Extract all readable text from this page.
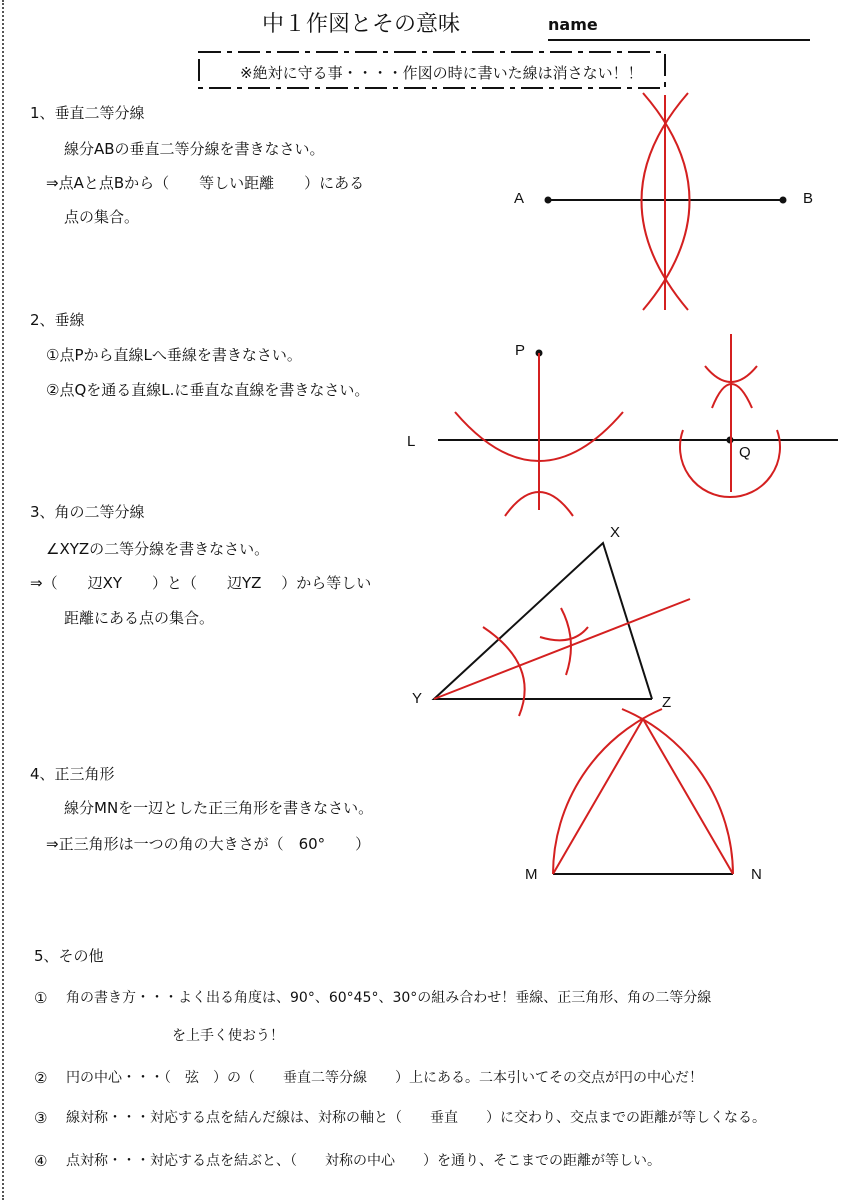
中１作図とその意味	name
※絶対に守る事・・・・作図の時に書いた線は消さない！！
1、垂直二等分線
線分ABの垂直二等分線を書きなさい。
⇒点Aと点Bから（　　等しい距離　　）にある
点の集合。
2、垂線
①点Pから直線Lへ垂線を書きなさい。
②点Qを通る直線L.に垂直な直線を書きなさい。
3、角の二等分線
∠XYZの二等分線を書きなさい。
⇒（　　辺XY　　）と（　　辺YZ　 ）から等しい
距離にある点の集合。
4、正三角形
線分MNを一辺とした正三角形を書きなさい。
⇒正三角形は一つの角の大きさが（　60°　　）
5、その他
① 角の書き方・・・よく出る角度は、90°、60°45°、30°の組み合わせ！垂線、正三角形、角の二等分線
を上手く使おう！
② 円の中心・・・（　弦　）の（　　垂直二等分線　　）上にある。二本引いてその交点が円の中心だ！
③ 線対称・・・対応する点を結んだ線は、対称の軸と（　　垂直　　）に交わり、交点までの距離が等しくなる。
④ 点対称・・・対応する点を結ぶと、（　　対称の中心　　）を通り、そこまでの距離が等しい。
A	B
P
L
Q
X
Y	Z
M	N
